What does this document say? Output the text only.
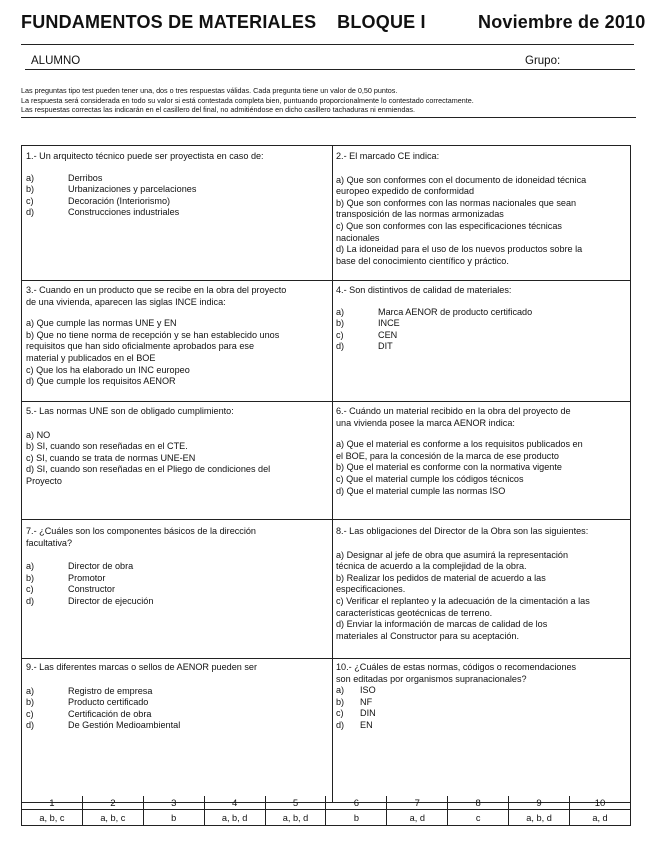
FUNDAMENTOS DE MATERIALES    BLOQUE I	Noviembre de 2010
ALUMNO	Grupo:
Las preguntas tipo test pueden tener una, dos o tres respuestas válidas. Cada pregunta tiene un valor de 0,50 puntos.
La respuesta será considerada en todo su valor si está contestada completa bien, puntuando proporcionalmente lo contestado correctamente.
Las respuestas correctas las indicarán en el casillero del final, no admitiéndose en dicho casillero tachaduras ni enmiendas.
1.- Un arquitecto técnico puede ser proyectista en caso de:
a)	Derribos
b)	Urbanizaciones y parcelaciones
c)	Decoración (Interiorismo)
d)	Construcciones industriales
2.- El marcado CE indica:
a) Que son conformes con el documento de idoneidad técnica
europeo expedido de conformidad
b) Que son conformes con las normas nacionales que sean
transposición de las normas armonizadas
c) Que son conformes con las especificaciones técnicas
nacionales
d) La idoneidad para el uso de los nuevos productos sobre la
base del conocimiento científico y práctico.
3.- Cuando en un producto que se recibe en la obra del proyecto
de una vivienda, aparecen las siglas INCE indica:
a) Que cumple las normas UNE y EN
b) Que no tiene norma de recepción y se han establecido unos
requisitos que han sido oficialmente aprobados para ese
material y publicados en el BOE
c) Que los ha elaborado un INC europeo
d) Que cumple los requisitos AENOR
4.- Son distintivos de calidad de materiales:
a)	Marca AENOR de producto certificado
b)	INCE
c)	CEN
d)	DIT
5.- Las normas UNE son de obligado cumplimiento:
a) NO
b) SI, cuando son reseñadas en el CTE.
c) SI, cuando se trata de normas UNE-EN
d) SI, cuando son reseñadas en el Pliego de condiciones del
Proyecto
6.- Cuándo un material recibido en la obra del proyecto de
una vivienda posee la marca AENOR indica:
a) Que el material es conforme a los requisitos publicados en
el BOE, para la concesión de la marca de ese producto
b) Que el material es conforme con la normativa vigente
c) Que el material cumple los códigos técnicos
d) Que el material cumple las normas ISO
7.- ¿Cuáles son los componentes básicos de la dirección
facultativa?
a)	Director de obra
b)	Promotor
c)	Constructor
d)	Director de ejecución
8.- Las obligaciones del Director de la Obra son las siguientes:
a) Designar al jefe de obra que asumirá la representación
técnica de acuerdo a la complejidad de la obra.
b) Realizar los pedidos de material de acuerdo a las
especificaciones.
c) Verificar el replanteo y la adecuación de la cimentación a las
características geotécnicas de terreno.
d) Enviar la información de marcas de calidad de los
materiales al Constructor para su aceptación.
9.- Las diferentes marcas o sellos de AENOR pueden ser
a)	Registro de empresa
b)	Producto certificado
c)	Certificación de obra
d)	De Gestión Medioambiental
10.- ¿Cuáles de estas normas, códigos o recomendaciones
son editadas por organismos supranacionales?
a) ISO
b) NF
c) DIN
d) EN
1	2	3	4	5	6	7	8	9	10
a, b, c	a, b, c	b	a, b, d	a, b, d	b	a, d	c	a, b, d	a, d
